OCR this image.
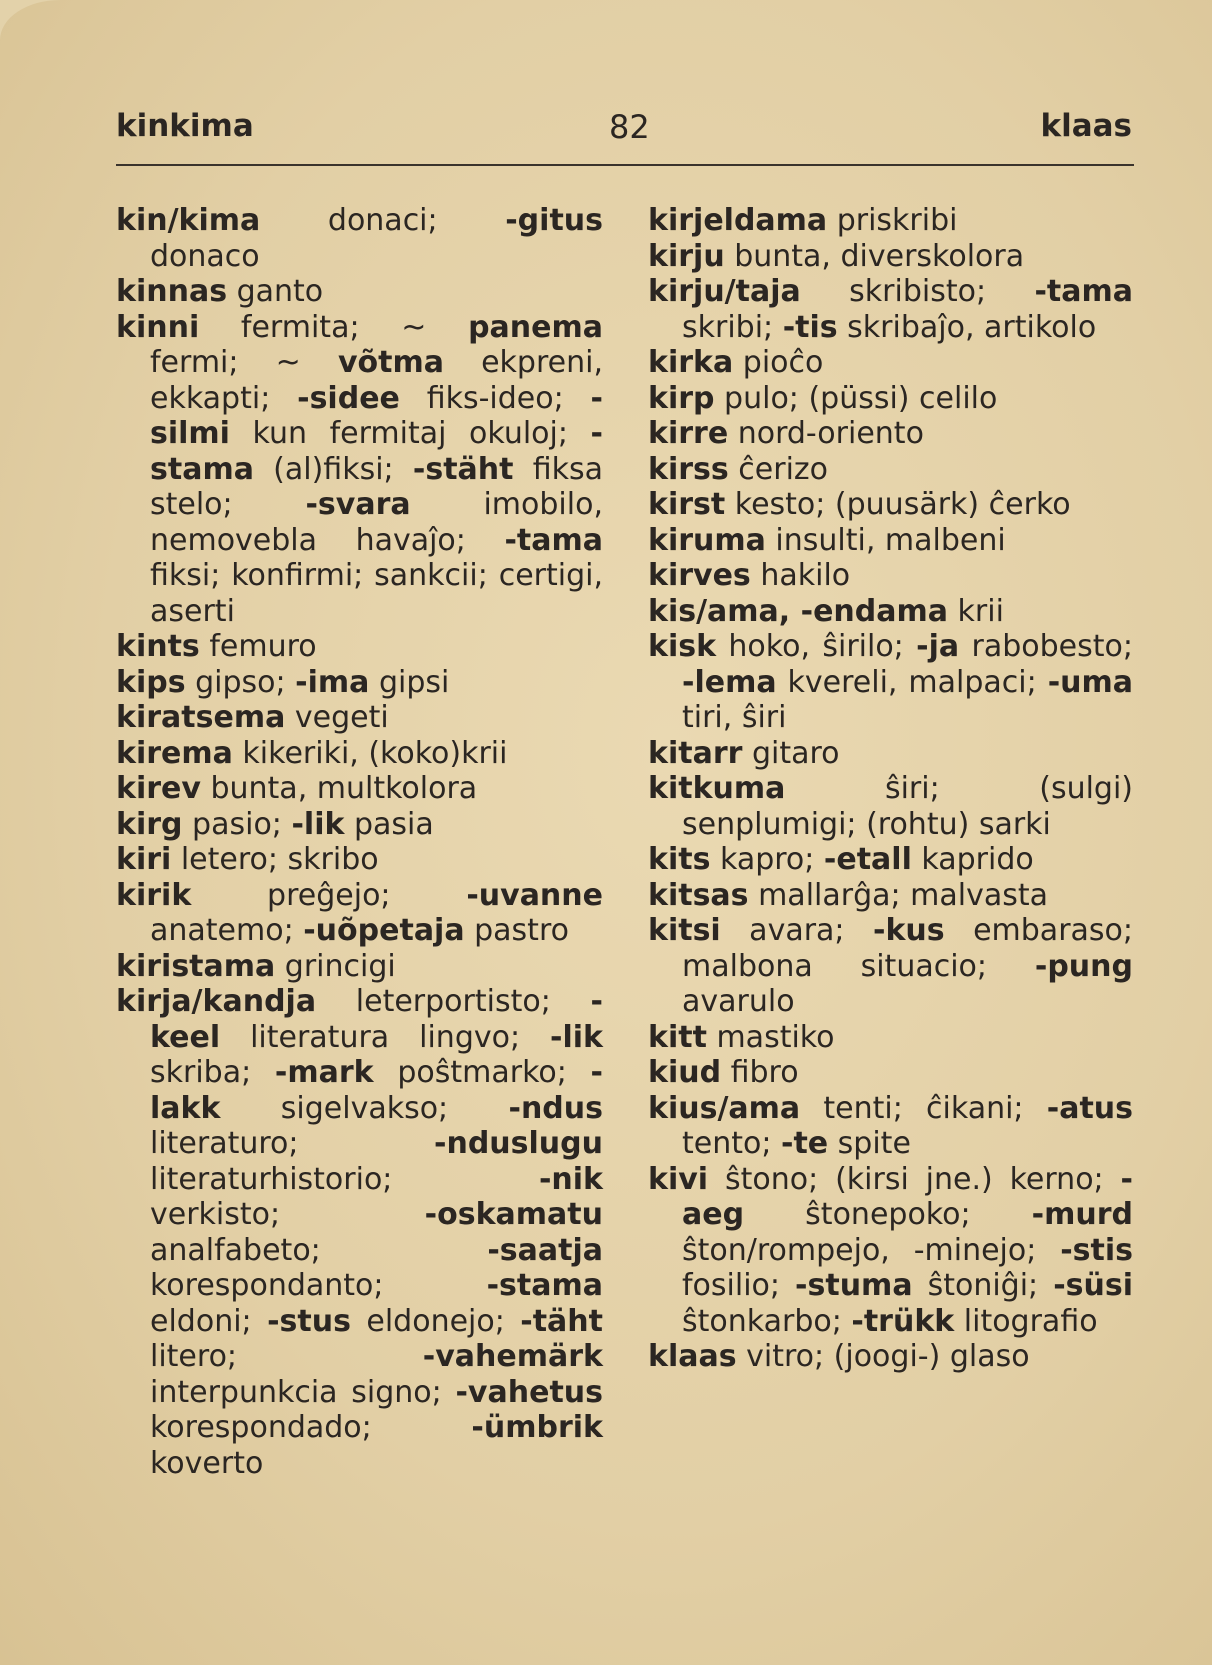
kinkima	82	klaas
kin/kima donaci; -gitus donaco
kinnas ganto
kinni fermita; ~ panema fermi; ~ võtma ekpreni, ekkapti; -sidee fiks-ideo; -silmi kun fermitaj okuloj; -stama (al)fiksi; -stäht fiksa stelo; -svara imobilo, nemovebla havaĵo; -tama fiksi; konfirmi; sankcii; certigi, aserti
kints femuro
kips gipso; -ima gipsi
kiratsema vegeti
kirema kikeriki, (koko)krii
kirev bunta, multkolora
kirg pasio; -lik pasia
kiri letero; skribo
kirik preĝejo; -uvanne anatemo; -uõpetaja pastro
kiristama grincigi
kirja/kandja leterportisto; -keel literatura lingvo; -lik skriba; -mark poŝtmarko; -lakk sigelvakso; -ndus literaturo; -nduslugu literaturhistorio; -nik verkisto; -oskamatu analfabeto; -saatja korespondanto; -stama eldoni; -stus eldonejo; -täht litero; -vahemärk interpunkcia signo; -vahetus korespondado; -ümbrik koverto
kirjeldama priskribi
kirju bunta, diverskolora
kirju/taja skribisto; -tama skribi; -tis skribaĵo, artikolo
kirka pioĉo
kirp pulo; (püssi) celilo
kirre nord-oriento
kirss ĉerizo
kirst kesto; (puusärk) ĉerko
kiruma insulti, malbeni
kirves hakilo
kis/ama, -endama krii
kisk hoko, ŝirilo; -ja rabobesto; -lema kvereli, malpaci; -uma tiri, ŝiri
kitarr gitaro
kitkuma ŝiri; (sulgi) senplumigi; (rohtu) sarki
kits kapro; -etall kaprido
kitsas mallarĝa; malvasta
kitsi avara; -kus embaraso; malbona situacio; -pung avarulo
kitt mastiko
kiud fibro
kius/ama tenti; ĉikani; -atus tento; -te spite
kivi ŝtono; (kirsi jne.) kerno; -aeg ŝtonepoko; -murd ŝton/rompejo, -minejo; -stis fosilio; -stuma ŝtoniĝi; -süsi ŝtonkarbo; -trükk litografio
klaas vitro; (joogi-) glaso
